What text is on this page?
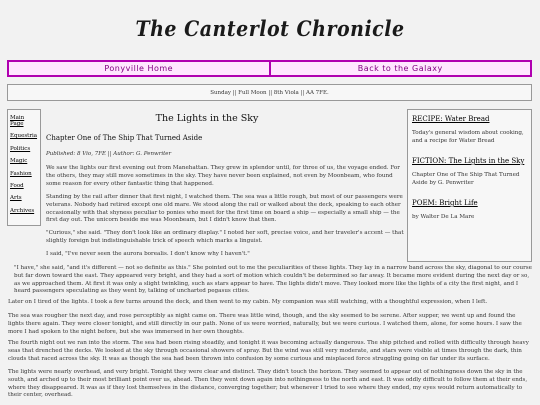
The Canterlot Chronicle
Ponyville Home	Back to the Galaxy
Sunday || Full Moon || 8th Viola || AA 7FE.
Main Page
Equestria
Politics
Magic
Fashion
Food
Arts
Archives
RECIPE: Water Bread
Today's general wisdom about cooking, and a recipe for Water Bread
FICTION: The Lights in the Sky
Chapter One of The Ship That Turned Aside by G. Penwriter
POEM: Bright Life
by Walter De La Mare
The Lights in the Sky
Chapter One of The Ship That Turned Aside
Published: 8 Vio, 7FE || Author: G. Penwriter

We saw the lights our first evening out from Manehattan. They grew in splendor until, for three of us, the voyage ended. For the others, they may still move sometimes in the sky. They have never been explained, not even by Moonbeam, who found some reason for every other fantastic thing that happened.

Standing by the rail after dinner that first night, I watched them. The sea was a little rough, but most of our passengers were veterans. Nobody had retired except one old mare. We stood along the rail or walked about the deck, speaking to each other occasionally with that shyness peculiar to ponies who meet for the first time on board a ship — especially a small ship — the first day out. The unicorn beside me was Moonbeam, but I didn't know that then.

"Curious," she said. "They don't look like an ordinary display." I noted her soft, precise voice, and her traveler's accent — that slightly foreign but indistinguishable trick of speech which marks a linguist.

I said, "I've never seen the aurora borealis. I don't know why I haven't."

"I have," she said, "and it's different — not so definite as this." She pointed out to me the peculiarities of these lights. They lay in a narrow band across the sky, diagonal to our course but far down toward the east. They appeared very bright, and they had a sort of motion which couldn't be determined so far away. It became more evident during the next day or so, as we approached them. At first it was only a slight twinkling, such as stars appear to have. The lights didn't move. They looked more like the lights of a city the first night, and I heard passengers speculating as they went by, talking of uncharted pegasus cities.

Later on I tired of the lights. I took a few turns around the deck, and then went to my cabin. My companion was still watching, with a thoughtful expression, when I left.

The sea was rougher the next day, and rose perceptibly as night came on. There was little wind, though, and the sky seemed to be serene. After supper, we went up and found the lights there again. They were closer tonight, and still directly in our path. None of us were worried, naturally, but we were curious. I watched them, alone, for some hours. I saw the more I had spoken to the night before, but she was immersed in her own thoughts.

The fourth night out we ran into the storm. The sea had been rising steadily, and tonight it was becoming actually dangerous. The ship pitched and rolled with difficulty through heavy seas that drenched the decks. We looked at the sky through occasional showers of spray. But the wind was still very moderate, and stars were visible at times through the dark, thin clouds that raced across the sky. It was as though the sea had been thrown into confusion by some curious and misplaced force struggling going on far under its surface.

The lights were nearly overhead, and very bright. Tonight they were clear and distinct. They didn't touch the horizon. They seemed to appear out of nothingness down the sky in the south, and arched up to their most brilliant point over us, ahead. Then they went down again into nothingness to the north and east. It was oddly difficult to follow them at their ends, where they disappeared. It was as if they lost themselves in the distance, converging together; but whenever I tried to see where they ended, my eyes would return automatically to their center, overhead.
